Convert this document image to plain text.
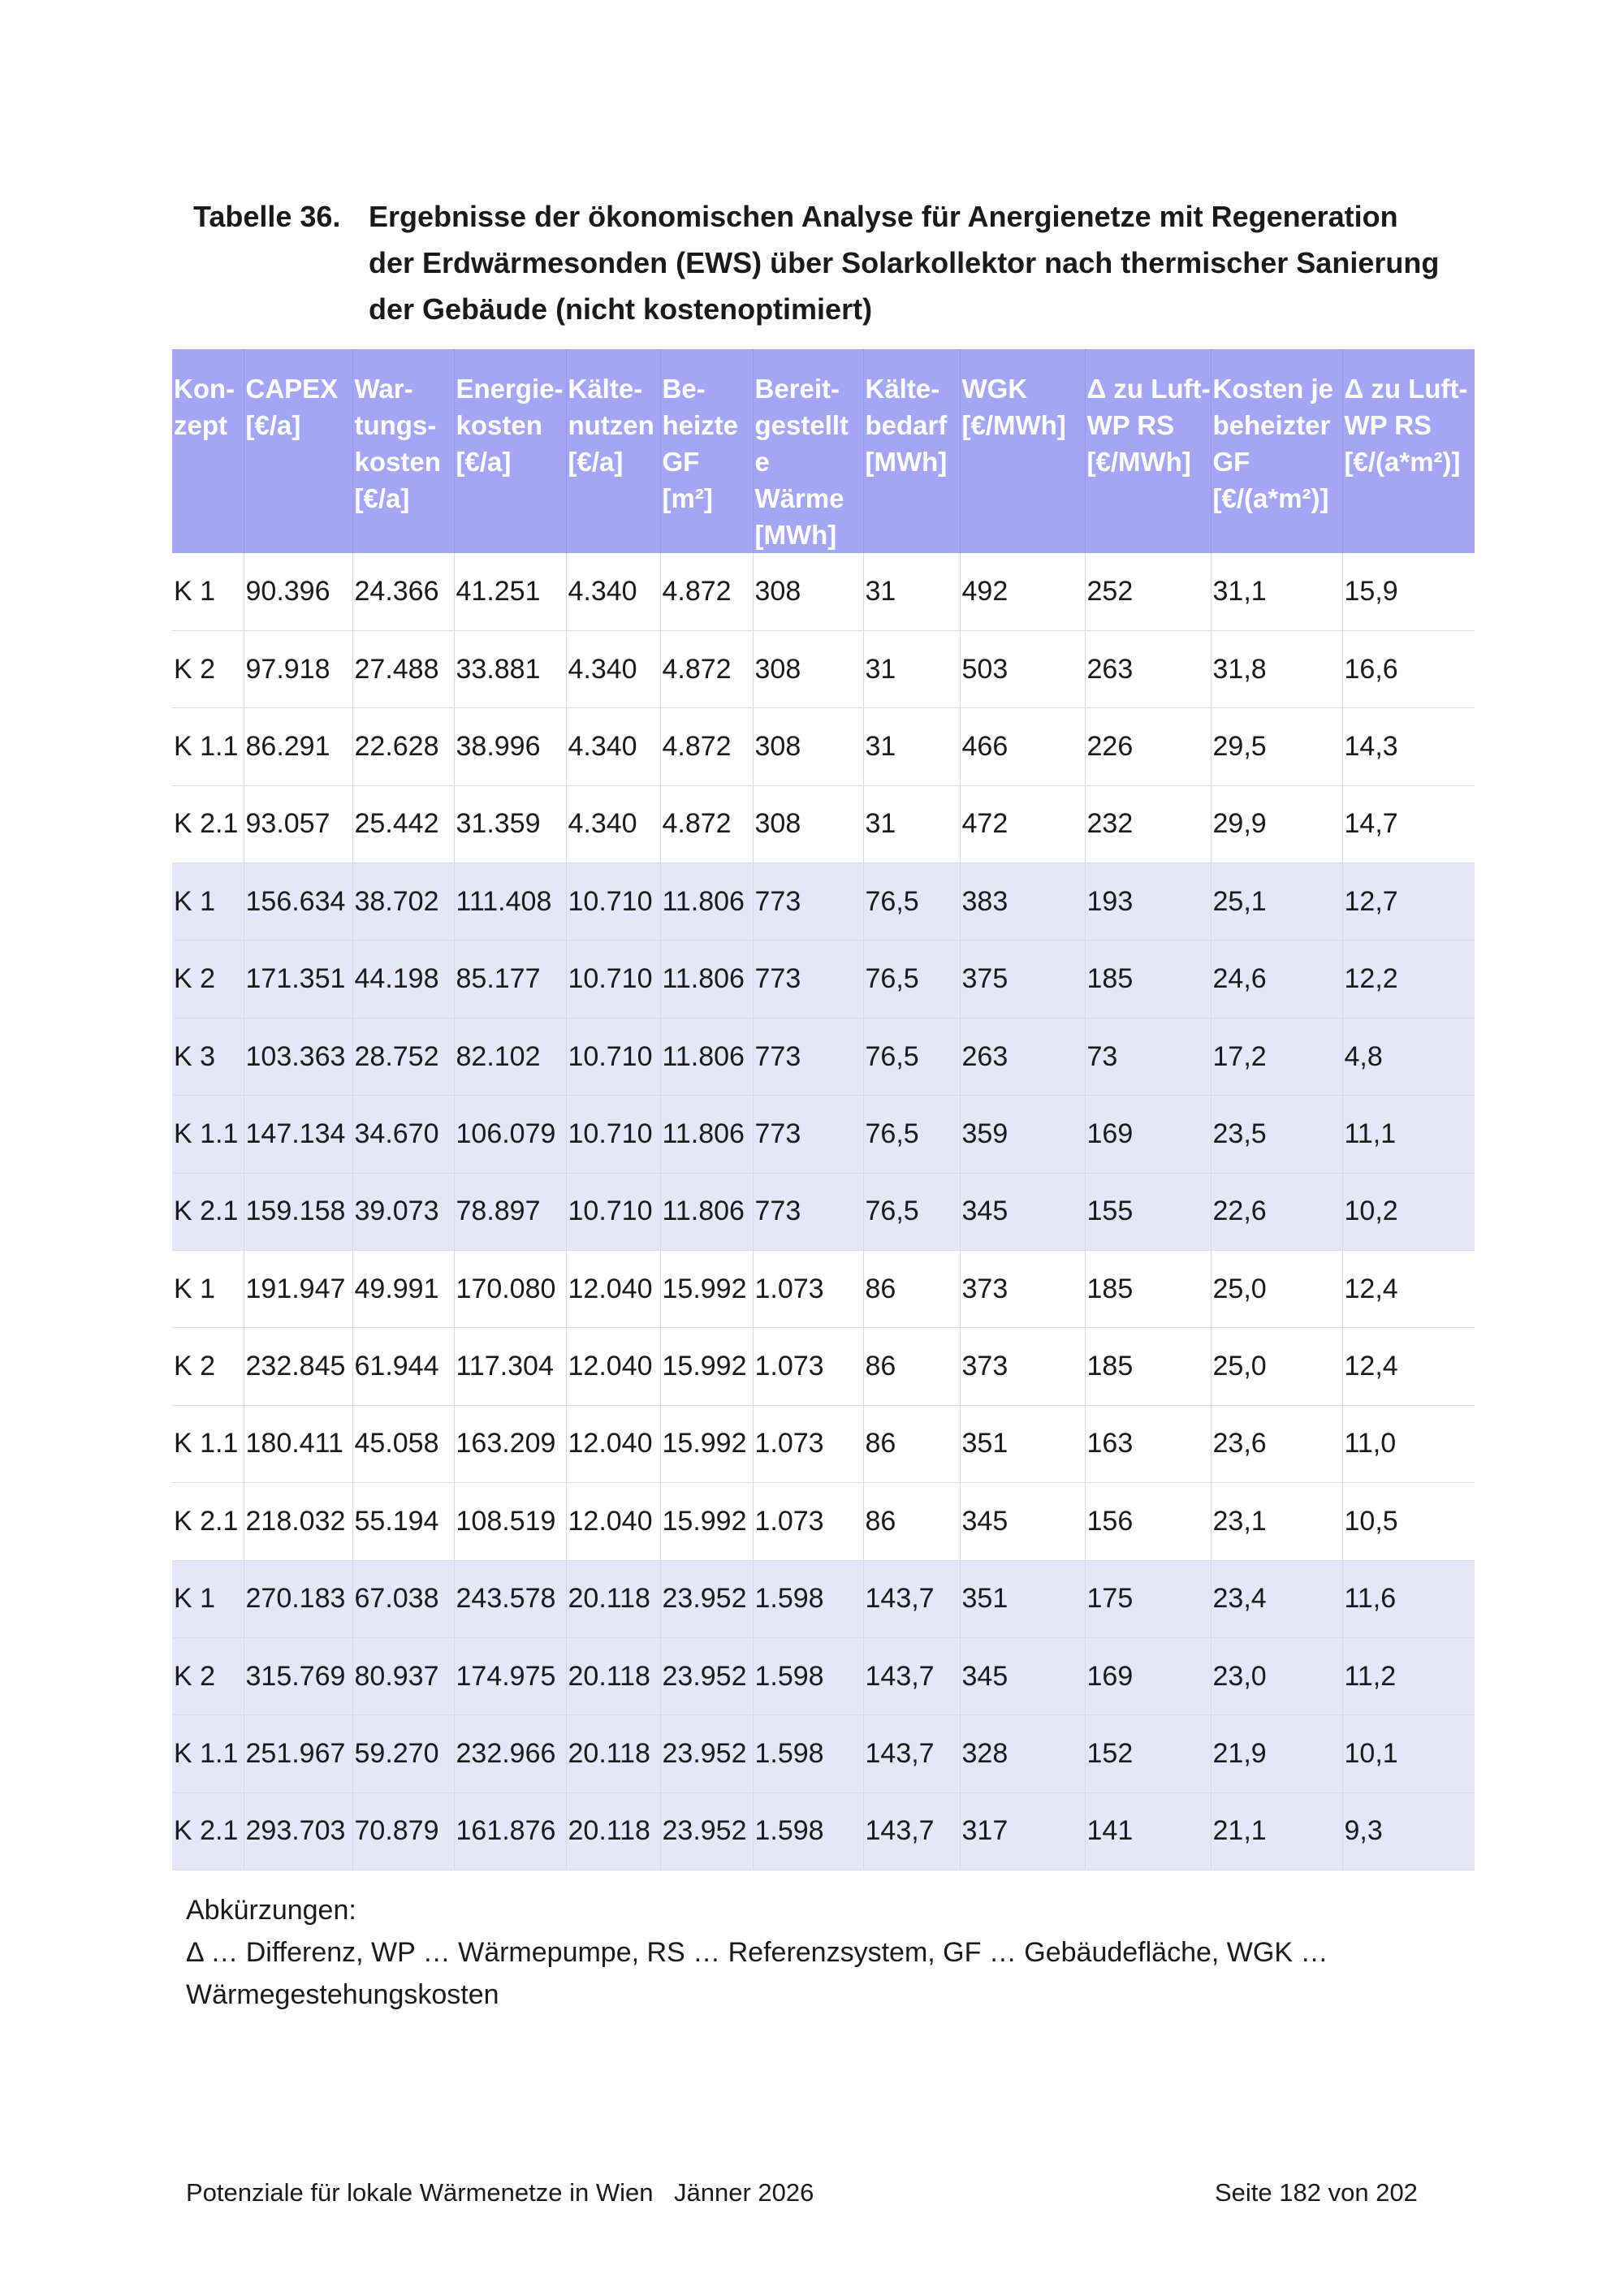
Tabelle 36. Ergebnisse der ökonomischen Analyse für Anergienetze mit Regeneration der Erdwärmesonden (EWS) über Solarkollektor nach thermischer Sanierung der Gebäude (nicht kostenoptimiert)
Kon-zept	CAPEX [€/a]	War-tungs-kosten [€/a]	Energie-kosten [€/a]	Kälte-nutzen [€/a]	Be-heizte GF [m²]	Bereit-gestellte Wärme [MWh]	Kälte-bedarf [MWh]	WGK [€/MWh]	Δ zu Luft-WP RS [€/MWh]	Kosten je beheizter GF [€/(a*m²)]	Δ zu Luft-WP RS [€/(a*m²)]
K 1	90.396	24.366	41.251	4.340	4.872	308	31	492	252	31,1	15,9
K 2	97.918	27.488	33.881	4.340	4.872	308	31	503	263	31,8	16,6
K 1.1	86.291	22.628	38.996	4.340	4.872	308	31	466	226	29,5	14,3
K 2.1	93.057	25.442	31.359	4.340	4.872	308	31	472	232	29,9	14,7
K 1	156.634	38.702	111.408	10.710	11.806	773	76,5	383	193	25,1	12,7
K 2	171.351	44.198	85.177	10.710	11.806	773	76,5	375	185	24,6	12,2
K 3	103.363	28.752	82.102	10.710	11.806	773	76,5	263	73	17,2	4,8
K 1.1	147.134	34.670	106.079	10.710	11.806	773	76,5	359	169	23,5	11,1
K 2.1	159.158	39.073	78.897	10.710	11.806	773	76,5	345	155	22,6	10,2
K 1	191.947	49.991	170.080	12.040	15.992	1.073	86	373	185	25,0	12,4
K 2	232.845	61.944	117.304	12.040	15.992	1.073	86	373	185	25,0	12,4
K 1.1	180.411	45.058	163.209	12.040	15.992	1.073	86	351	163	23,6	11,0
K 2.1	218.032	55.194	108.519	12.040	15.992	1.073	86	345	156	23,1	10,5
K 1	270.183	67.038	243.578	20.118	23.952	1.598	143,7	351	175	23,4	11,6
K 2	315.769	80.937	174.975	20.118	23.952	1.598	143,7	345	169	23,0	11,2
K 1.1	251.967	59.270	232.966	20.118	23.952	1.598	143,7	328	152	21,9	10,1
K 2.1	293.703	70.879	161.876	20.118	23.952	1.598	143,7	317	141	21,1	9,3
Abkürzungen:
Δ … Differenz, WP … Wärmepumpe, RS … Referenzsystem, GF … Gebäudefläche, WGK … Wärmegestehungskosten
Potenziale für lokale Wärmenetze in Wien Jänner 2026	Seite 182 von 202
